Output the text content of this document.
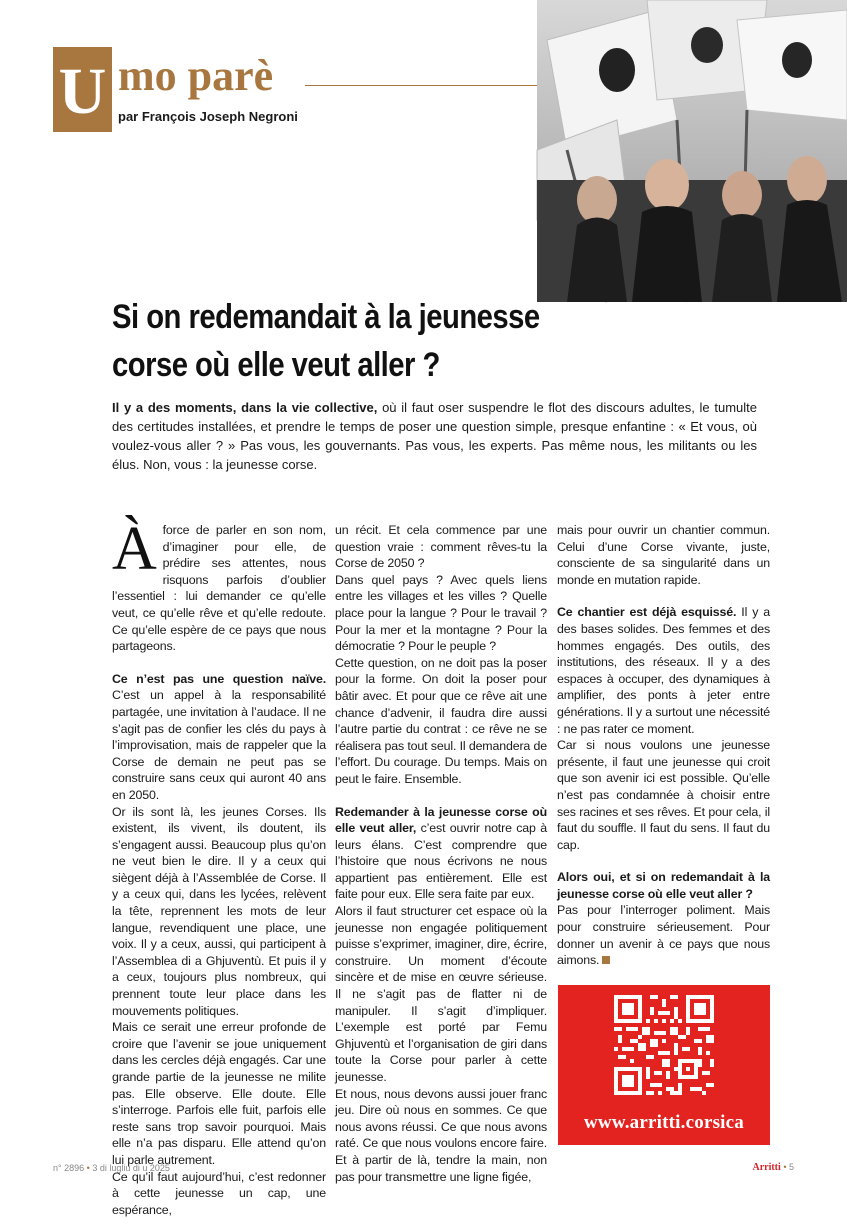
U mo parè
par François Joseph Negroni
Si on redemandait à la jeunesse
corse où elle veut aller ?

Il y a des moments, dans la vie collective, où il faut oser suspendre le flot des discours adultes, le tumulte des certitudes installées, et prendre le temps de poser une question simple, presque enfantine : « Et vous, où voulez-vous aller ? » Pas vous, les gouvernants. Pas vous, les experts. Pas même nous, les militants ou les élus. Non, vous : la jeunesse corse.

À force de parler en son nom, d’imaginer pour elle, de prédire ses attentes, nous risquons parfois d’oublier l’essentiel : lui demander ce qu’elle veut, ce qu’elle rêve et qu’elle redoute. Ce qu’elle espère de ce pays que nous partageons.

Ce n’est pas une question naïve. C’est un appel à la responsabilité partagée, une invitation à l’audace. Il ne s’agit pas de confier les clés du pays à l’improvisation, mais de rappeler que la Corse de demain ne peut pas se construire sans ceux qui auront 40 ans en 2050.

Or ils sont là, les jeunes Corses. Ils existent, ils vivent, ils doutent, ils s’engagent aussi. Beaucoup plus qu’on ne veut bien le dire. Il y a ceux qui siègent déjà à l’Assemblée de Corse. Il y a ceux qui, dans les lycées, relèvent la tête, reprennent les mots de leur langue, revendiquent une place, une voix. Il y a ceux, aussi, qui participent à l’Assemblea di a Ghjuventù. Et puis il y a ceux, toujours plus nombreux, qui prennent toute leur place dans les mouvements politiques.

Mais ce serait une erreur profonde de croire que l’avenir se joue uniquement dans les cercles déjà engagés. Car une grande partie de la jeunesse ne milite pas. Elle observe. Elle doute. Elle s’interroge. Parfois elle fuit, parfois elle reste sans trop savoir pourquoi. Mais elle n’a pas disparu. Elle attend qu’on lui parle autrement.

Ce qu’il faut aujourd’hui, c’est redonner à cette jeunesse un cap, une espérance,

un récit. Et cela commence par une question vraie : comment rêves-tu la Corse de 2050 ?

Dans quel pays ? Avec quels liens entre les villages et les villes ? Quelle place pour la langue ? Pour le travail ? Pour la mer et la montagne ? Pour la démocratie ? Pour le peuple ?

Cette question, on ne doit pas la poser pour la forme. On doit la poser pour bâtir avec. Et pour que ce rêve ait une chance d’advenir, il faudra dire aussi l’autre partie du contrat : ce rêve ne se réalisera pas tout seul. Il demandera de l’effort. Du courage. Du temps. Mais on peut le faire. Ensemble.

Redemander à la jeunesse corse où elle veut aller, c’est ouvrir notre cap à leurs élans. C’est comprendre que l’histoire que nous écrivons ne nous appartient pas entièrement. Elle est faite pour eux. Elle sera faite par eux.

Alors il faut structurer cet espace où la jeunesse non engagée politiquement puisse s’exprimer, imaginer, dire, écrire, construire. Un moment d’écoute sincère et de mise en œuvre sérieuse. Il ne s’agit pas de flatter ni de manipuler. Il s’agit d’impliquer. L’exemple est porté par Femu Ghjuventù et l’organisation de giri dans toute la Corse pour parler à cette jeunesse.

Et nous, nous devons aussi jouer franc jeu. Dire où nous en sommes. Ce que nous avons réussi. Ce que nous avons raté. Ce que nous voulons encore faire. Et à partir de là, tendre la main, non pas pour transmettre une ligne figée,

mais pour ouvrir un chantier commun. Celui d’une Corse vivante, juste, consciente de sa singularité dans un monde en mutation rapide.

Ce chantier est déjà esquissé. Il y a des bases solides. Des femmes et des hommes engagés. Des outils, des institutions, des réseaux. Il y a des espaces à occuper, des dynamiques à amplifier, des ponts à jeter entre générations. Il y a surtout une nécessité : ne pas rater ce moment.

Car si nous voulons une jeunesse présente, il faut une jeunesse qui croit que son avenir ici est possible. Qu’elle n’est pas condamnée à choisir entre ses racines et ses rêves. Et pour cela, il faut du souffle. Il faut du sens. Il faut du cap.

Alors oui, et si on redemandait à la jeunesse corse où elle veut aller ?

Pas pour l’interroger poliment. Mais pour construire sérieusement. Pour donner un avenir à ce pays que nous aimons.

www.arritti.corsica
n° 2896 • 3 di lugliu di u 2025	Arritti • 5
